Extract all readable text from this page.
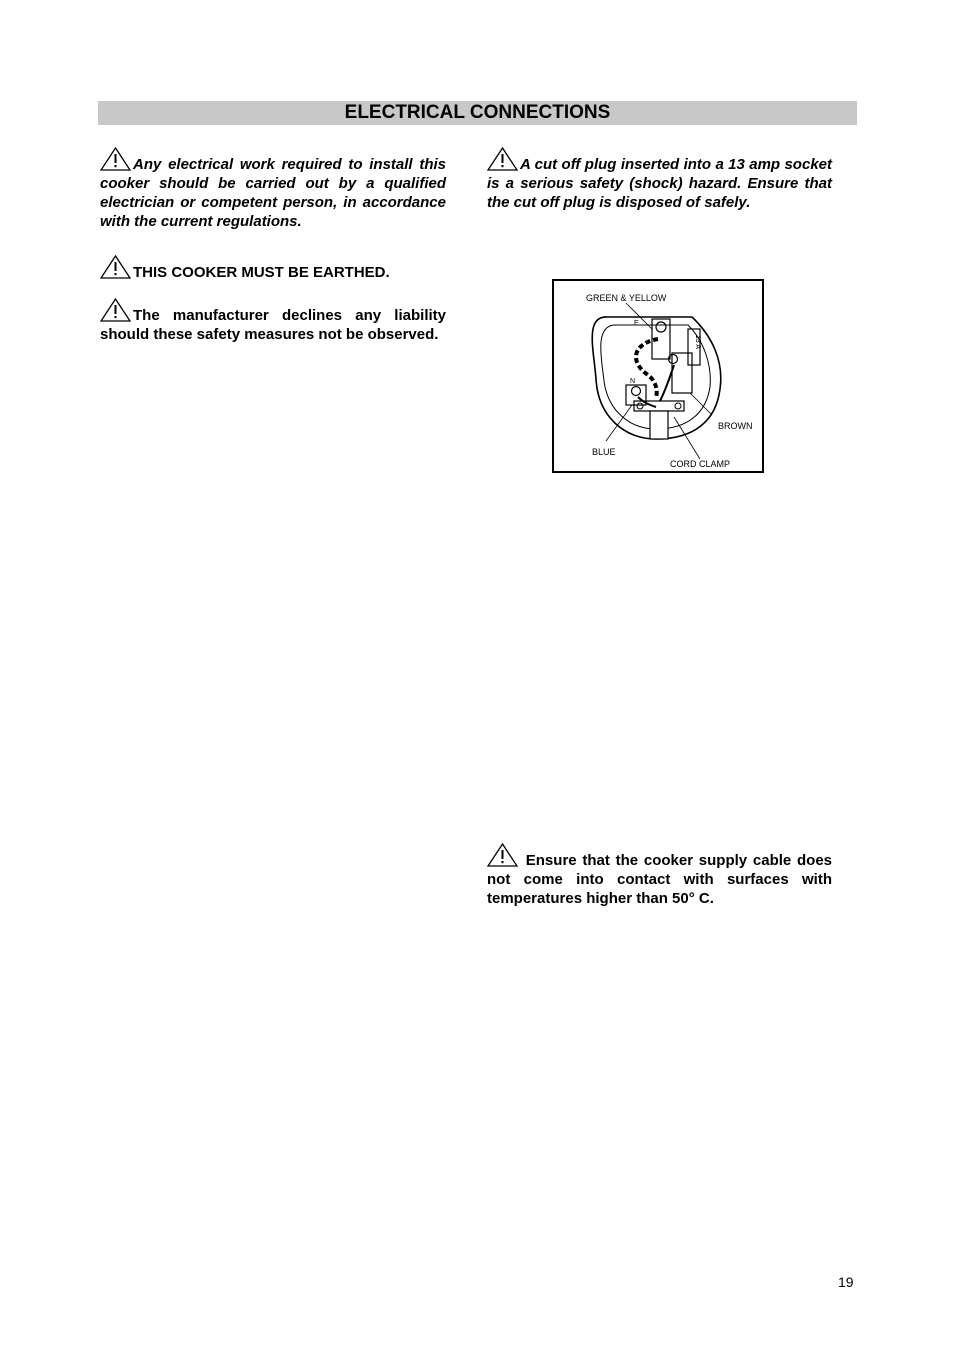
ELECTRICAL CONNECTIONS
Any electrical work required to install this cooker should be carried out by a qualified electrician or competent person, in accordance with the current regulations.
THIS COOKER MUST BE EARTHED.
The manufacturer declines any liability should these safety measures not be observed.
A cut off plug inserted into a 13 amp socket is a serious safety (shock) hazard. Ensure that the cut off plug is disposed of safely.
GREEN & YELLOW
BROWN
BLUE
CORD CLAMP
E
N
13 A
Ensure that the cooker supply cable does not come into contact with surfaces with temperatures higher than 50° C.
19
